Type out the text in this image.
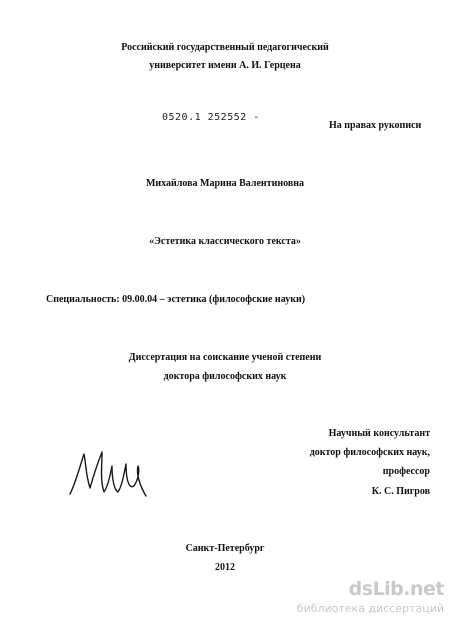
Российский государственный педагогический
университет имени А. И. Герцена
0520.1 252552 -
На правах рукописи
Михайлова Марина Валентиновна
«Эстетика классического текста»
Специальность: 09.00.04 – эстетика (философские науки)
Диссертация на соискание ученой степени
доктора философских наук
Научный консультант
доктор философских наук,
профессор
К. С. Пигров
Санкт-Петербург
2012
dsLib.net
библиотека диссертаций
